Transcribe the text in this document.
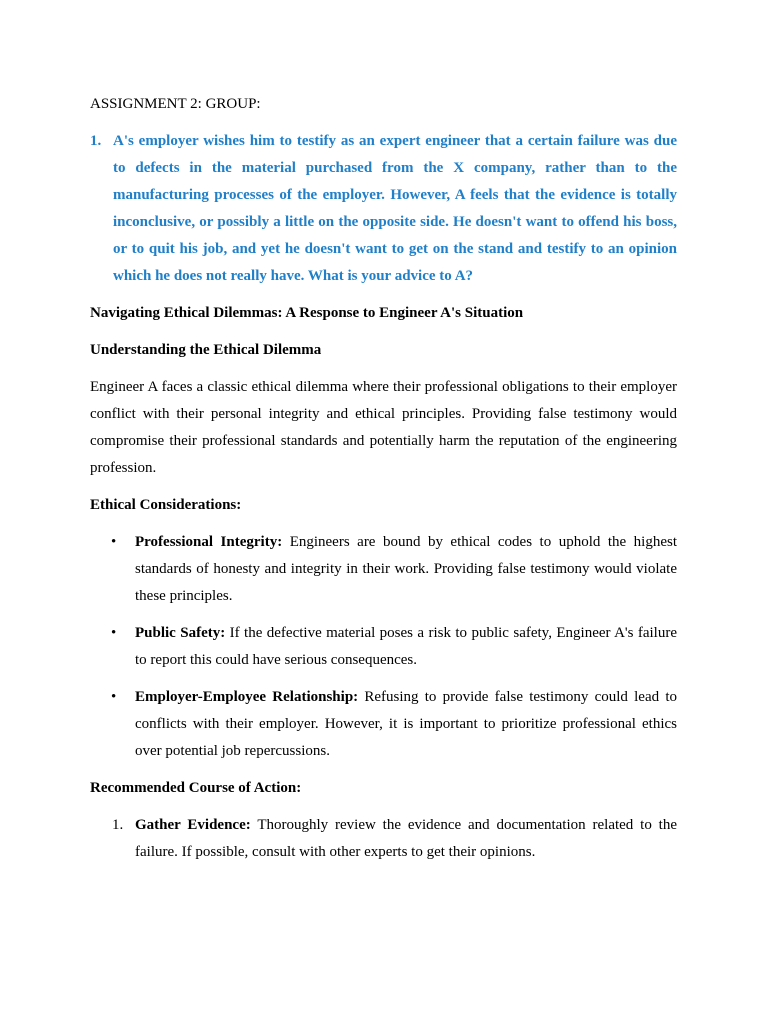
ASSIGNMENT 2: GROUP:

1. A's employer wishes him to testify as an expert engineer that a certain failure was due to defects in the material purchased from the X company, rather than to the manufacturing processes of the employer. However, A feels that the evidence is totally inconclusive, or possibly a little on the opposite side. He doesn't want to offend his boss, or to quit his job, and yet he doesn't want to get on the stand and testify to an opinion which he does not really have. What is your advice to A?

Navigating Ethical Dilemmas: A Response to Engineer A's Situation

Understanding the Ethical Dilemma

Engineer A faces a classic ethical dilemma where their professional obligations to their employer conflict with their personal integrity and ethical principles. Providing false testimony would compromise their professional standards and potentially harm the reputation of the engineering profession.

Ethical Considerations:

• Professional Integrity: Engineers are bound by ethical codes to uphold the highest standards of honesty and integrity in their work. Providing false testimony would violate these principles.
• Public Safety: If the defective material poses a risk to public safety, Engineer A's failure to report this could have serious consequences.
• Employer-Employee Relationship: Refusing to provide false testimony could lead to conflicts with their employer. However, it is important to prioritize professional ethics over potential job repercussions.

Recommended Course of Action:

1. Gather Evidence: Thoroughly review the evidence and documentation related to the failure. If possible, consult with other experts to get their opinions.
